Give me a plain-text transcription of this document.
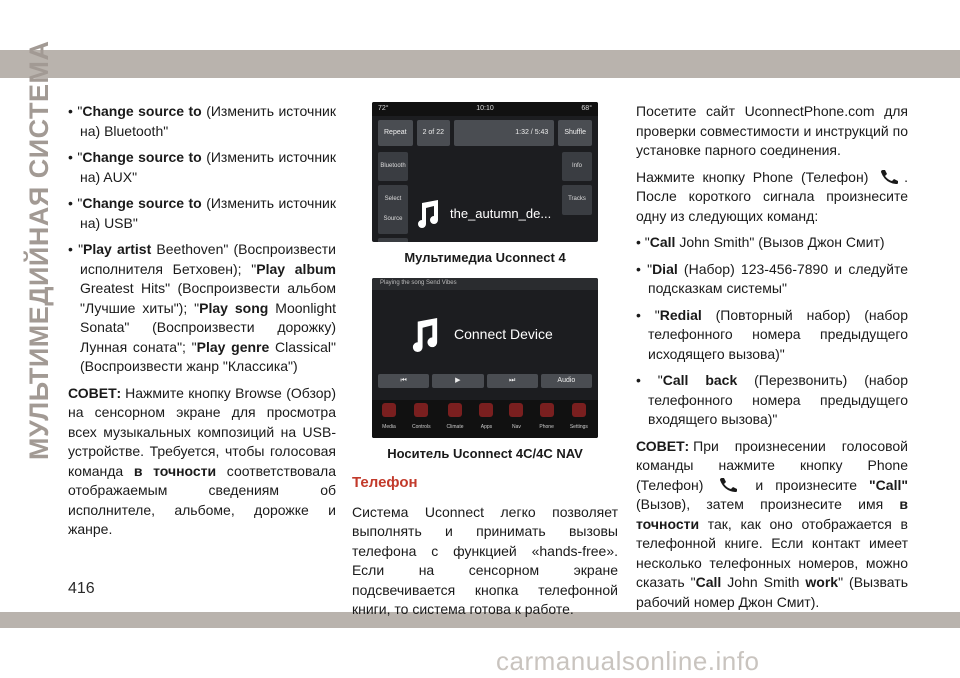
МУЛЬТИМЕДИЙНАЯ СИСТЕМА	• "Change source to (Изменить источник на) Bluetooth"
• "Change source to (Изменить источник на) AUX"
• "Change source to (Изменить источник на) USB"
• "Play artist Beethoven" (Воспроизвести исполнителя Бетховен); "Play album Greatest Hits" (Воспроизвести альбом "Лучшие хиты"); "Play song Moonlight Sonata" (Воспроизвести дорожку) Лунная соната"; "Play genre Classical" (Воспроизвести жанр "Классика")
СОВЕТ: Нажмите кнопку Browse (Обзор) на сенсорном экране для просмотра всех музыкальных композиций на USB-устройстве. Требуется, чтобы голосовая команда в точности соответствовала отображаемым сведениям об исполнителе, альбоме, дорожке и жанре.
72°	10:10	68°
Repeat	2 of 22	1:32 / 5:43	Shuffle
Bluetooth
Select Source	the_autumn_de...
Info
Tracks
Мультимедиа Uconnect 4
Playing the song Send Vibes
Connect Device
⏮	▶	⏭	Audio
Media	Controls	Climate	Apps	Nav	Phone	Settings
Носитель Uconnect 4C/4C NAV
Телефон
Система Uconnect легко позволяет выполнять и принимать вызовы телефона с функцией «hands-free». Если на сенсорном экране подсвечивается кнопка телефонной книги, то система готова к работе.
Посетите сайт UconnectPhone.com для проверки совместимости и инструкций по установке парного соединения.
Нажмите кнопку Phone (Телефон) . После короткого сигнала произнесите одну из следующих команд:
• "Call John Smith" (Вызов Джон Смит)
• "Dial (Набор) 123-456-7890 и следуйте подсказкам системы"
• "Redial (Повторный набор) (набор телефонного номера предыдущего исходящего вызова)"
• "Call back (Перезвонить) (набор телефонного номера предыдущего входящего вызова)"
СОВЕТ: При произнесении голосовой команды нажмите кнопку Phone (Телефон)  и произнесите "Call" (Вызов), затем произнесите имя в точности так, как оно отображается в телефонной книге. Если контакт имеет несколько телефонных номеров, можно сказать "Call John Smith work" (Вызвать рабочий номер Джон Смит).
416
carmanualsonline.info
